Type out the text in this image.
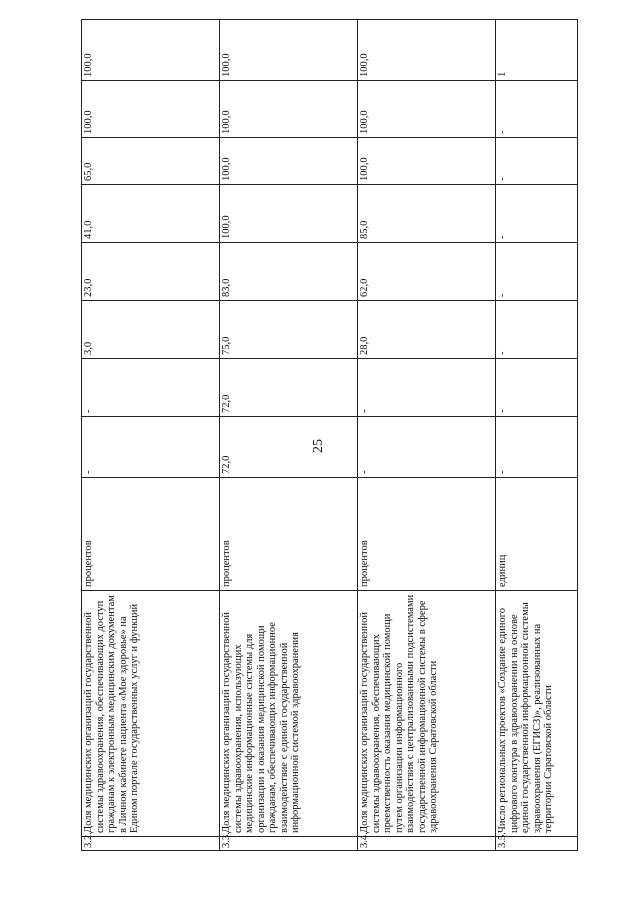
25
3.2.	Доля медицинских организаций государственной системы здравоохранения, обеспечивающих доступ гражданам к электронным медицинским документам в Личном кабинете пациента «Мое здоровье» на Едином портале государственных услуг и функций	процентов	-	-	3,0	23,0	41,0	65,0	100,0	100,0
3.3.	Доля медицинских организаций государственной системы здравоохранения, использующих медицинские информационные системы для организации и оказания медицинской помощи гражданам, обеспечивающих информационное взаимодействие с единой государственной информационной системой здравоохранения	процентов	72,0	72,0	75,0	83,0	100,0	100,0	100,0	100,0
3.4.	Доля медицинских организаций государственной системы здравоохранения, обеспечивающих преемственность оказания медицинской помощи путем организации информационного взаимодействия с централизованными подсистемами государственной информационной системы в сфере здравоохранения Саратовской области	процентов	-	-	28,0	62,0	85,0	100,0	100,0	100,0
3.5.	Число региональных проектов «Создание единого цифрового контура в здравоохранении на основе единой государственной информационной системы здравоохранения (ЕГИСЗ)», реализованных на территории Саратовской области	единиц	-	-	-	-	-	-	-	1
